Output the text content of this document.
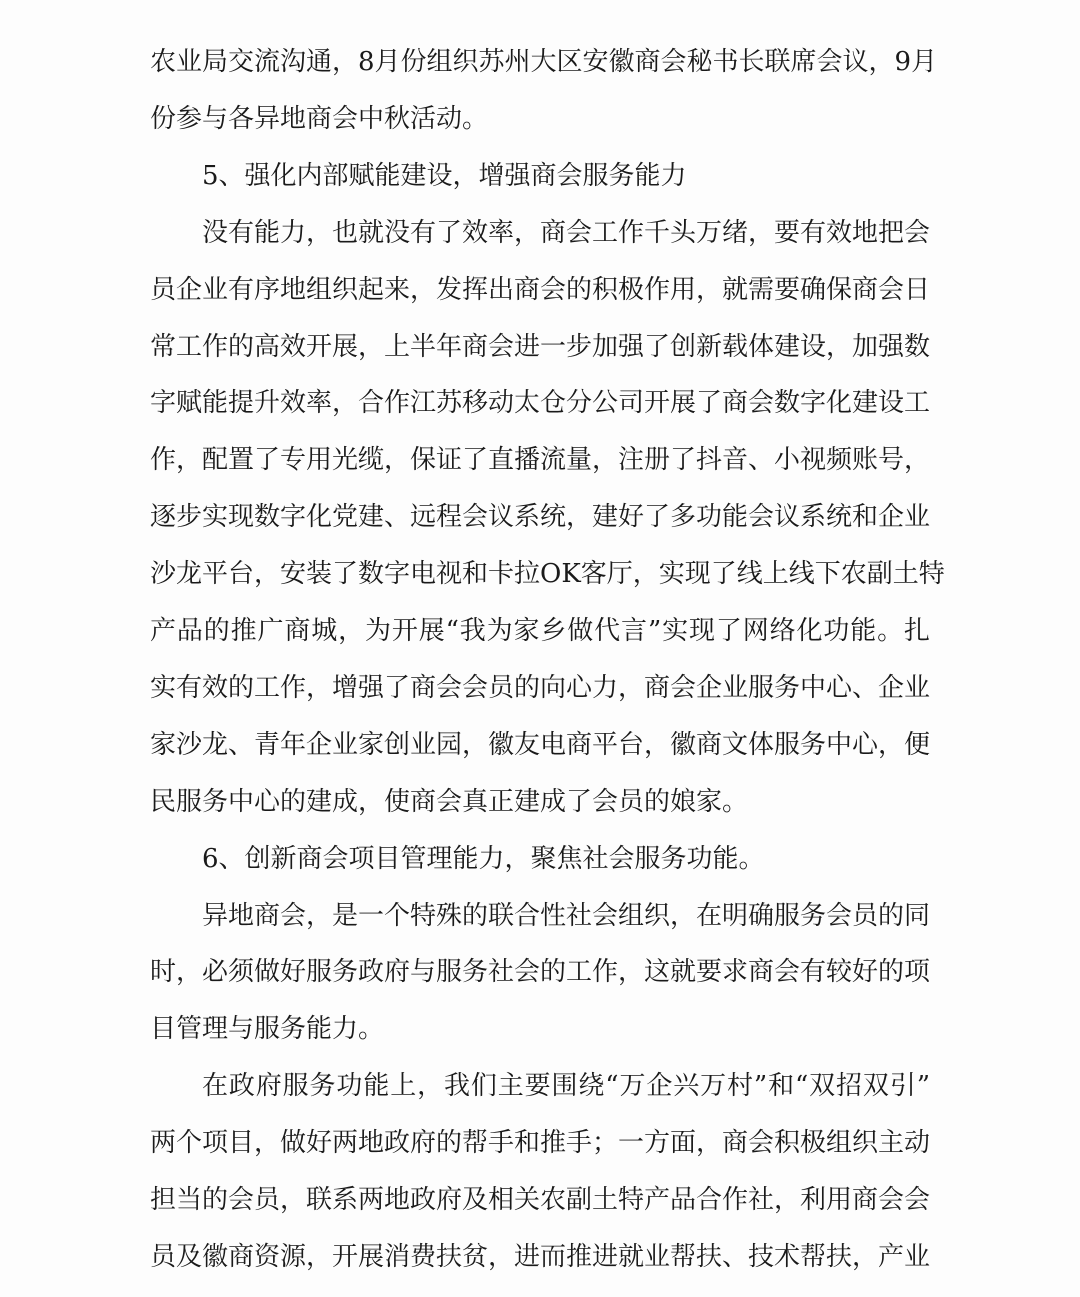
农业局交流沟通，8月份组织苏州大区安徽商会秘书长联席会议，9月
份参与各异地商会中秋活动。
5、强化内部赋能建设，增强商会服务能力
没有能力，也就没有了效率，商会工作千头万绪，要有效地把会
员企业有序地组织起来，发挥出商会的积极作用，就需要确保商会日
常工作的高效开展，上半年商会进一步加强了创新载体建设，加强数
字赋能提升效率，合作江苏移动太仓分公司开展了商会数字化建设工
作，配置了专用光缆，保证了直播流量，注册了抖音、小视频账号，
逐步实现数字化党建、远程会议系统，建好了多功能会议系统和企业
沙龙平台，安装了数字电视和卡拉OK客厅，实现了线上线下农副土特
产品的推广商城，为开展“我为家乡做代言”实现了网络化功能。扎
实有效的工作，增强了商会会员的向心力，商会企业服务中心、企业
家沙龙、青年企业家创业园，徽友电商平台，徽商文体服务中心，便
民服务中心的建成，使商会真正建成了会员的娘家。
6、创新商会项目管理能力，聚焦社会服务功能。
异地商会，是一个特殊的联合性社会组织，在明确服务会员的同
时，必须做好服务政府与服务社会的工作，这就要求商会有较好的项
目管理与服务能力。
在政府服务功能上，我们主要围绕“万企兴万村”和“双招双引”
两个项目，做好两地政府的帮手和推手；一方面，商会积极组织主动
担当的会员，联系两地政府及相关农副土特产品合作社，利用商会会
员及徽商资源，开展消费扶贫，进而推进就业帮扶、技术帮扶，产业
